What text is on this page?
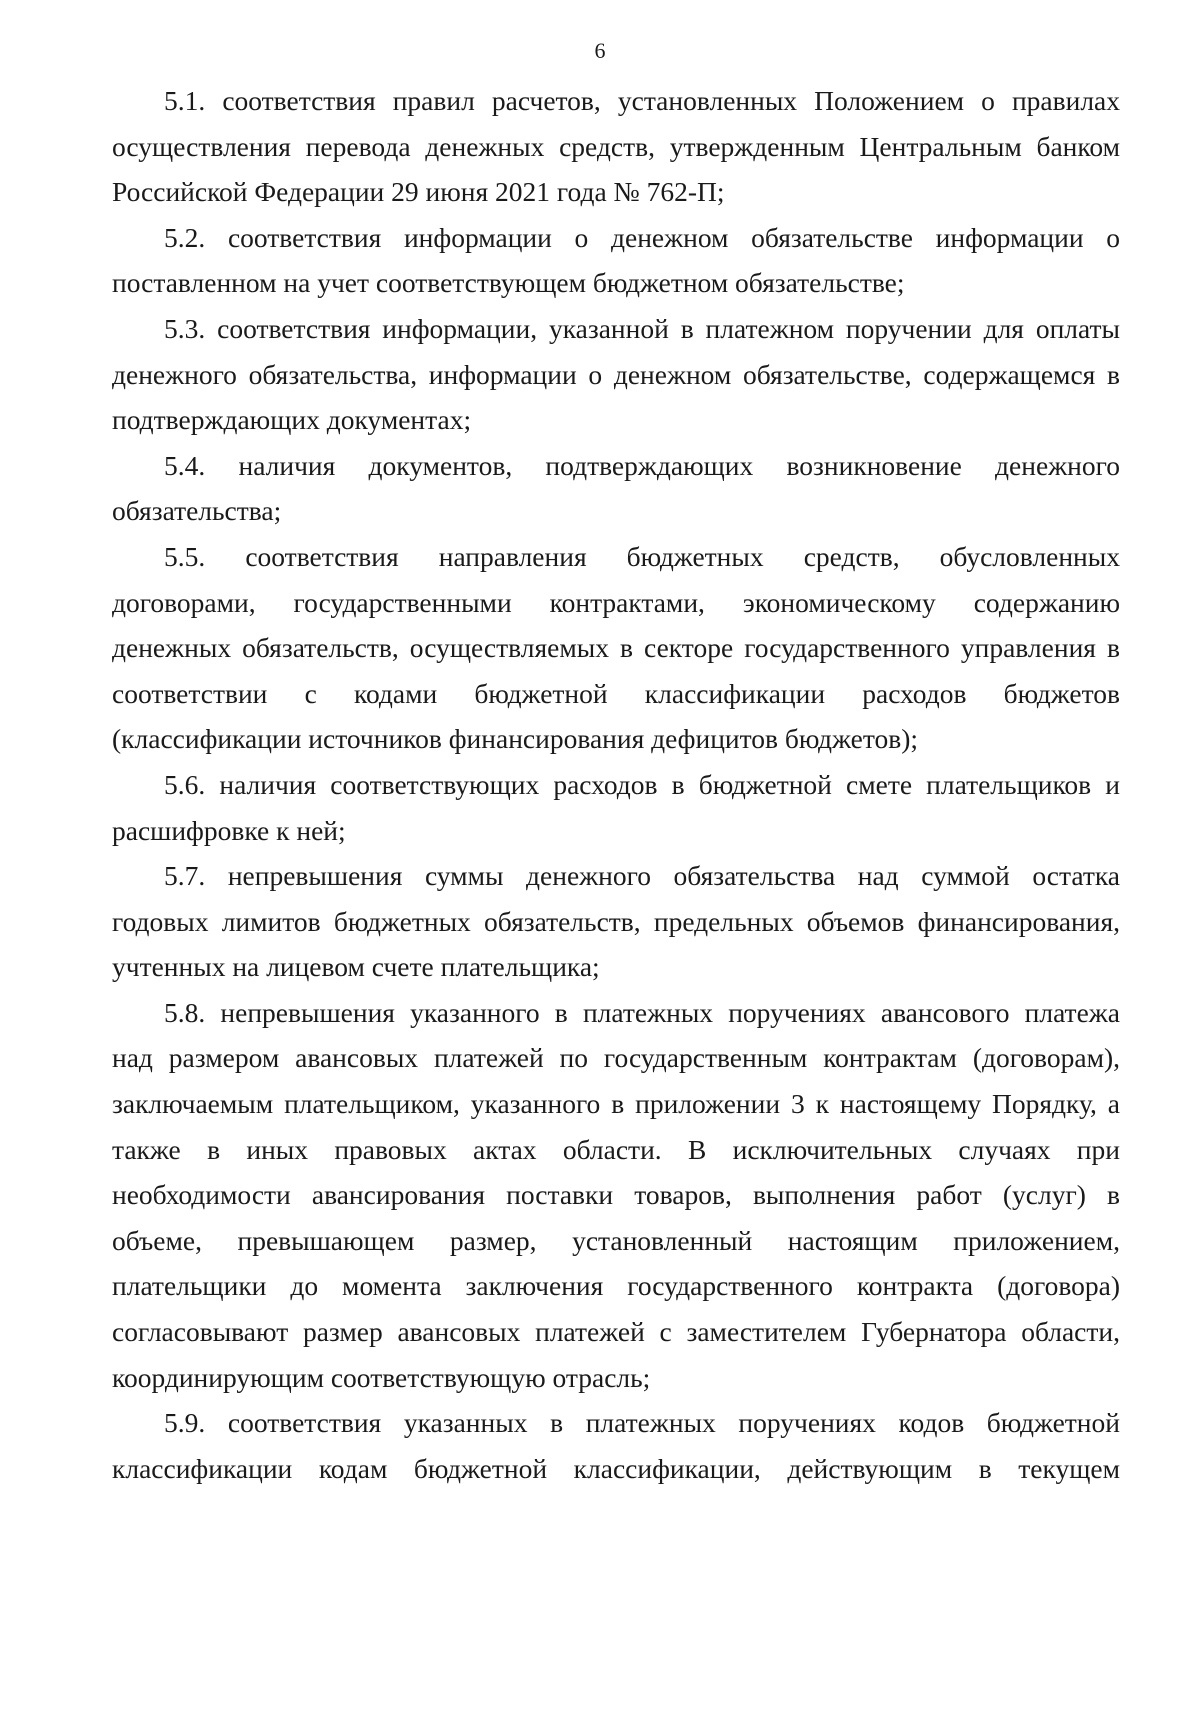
6
5.1. соответствия правил расчетов, установленных Положением о правилах
осуществления перевода денежных средств, утвержденным Центральным банком
Российской Федерации 29 июня 2021 года № 762-П;
5.2. соответствия информации о денежном обязательстве информации о
поставленном на учет соответствующем бюджетном обязательстве;
5.3. соответствия информации, указанной в платежном поручении для оплаты
денежного обязательства, информации о денежном обязательстве, содержащемся в
подтверждающих документах;
5.4. наличия документов, подтверждающих возникновение денежного
обязательства;
5.5. соответствия направления бюджетных средств, обусловленных
договорами, государственными контрактами, экономическому содержанию
денежных обязательств, осуществляемых в секторе государственного управления в
соответствии с кодами бюджетной классификации расходов бюджетов
(классификации источников финансирования дефицитов бюджетов);
5.6. наличия соответствующих расходов в бюджетной смете плательщиков и
расшифровке к ней;
5.7. непревышения суммы денежного обязательства над суммой остатка
годовых лимитов бюджетных обязательств, предельных объемов финансирования,
учтенных на лицевом счете плательщика;
5.8. непревышения указанного в платежных поручениях авансового платежа
над размером авансовых платежей по государственным контрактам (договорам),
заключаемым плательщиком, указанного в приложении 3 к настоящему Порядку, а
также в иных правовых актах области. В исключительных случаях при
необходимости авансирования поставки товаров, выполнения работ (услуг) в
объеме, превышающем размер, установленный настоящим приложением,
плательщики до момента заключения государственного контракта (договора)
согласовывают размер авансовых платежей с заместителем Губернатора области,
координирующим соответствующую отрасль;
5.9. соответствия указанных в платежных поручениях кодов бюджетной
классификации кодам бюджетной классификации, действующим в текущем
